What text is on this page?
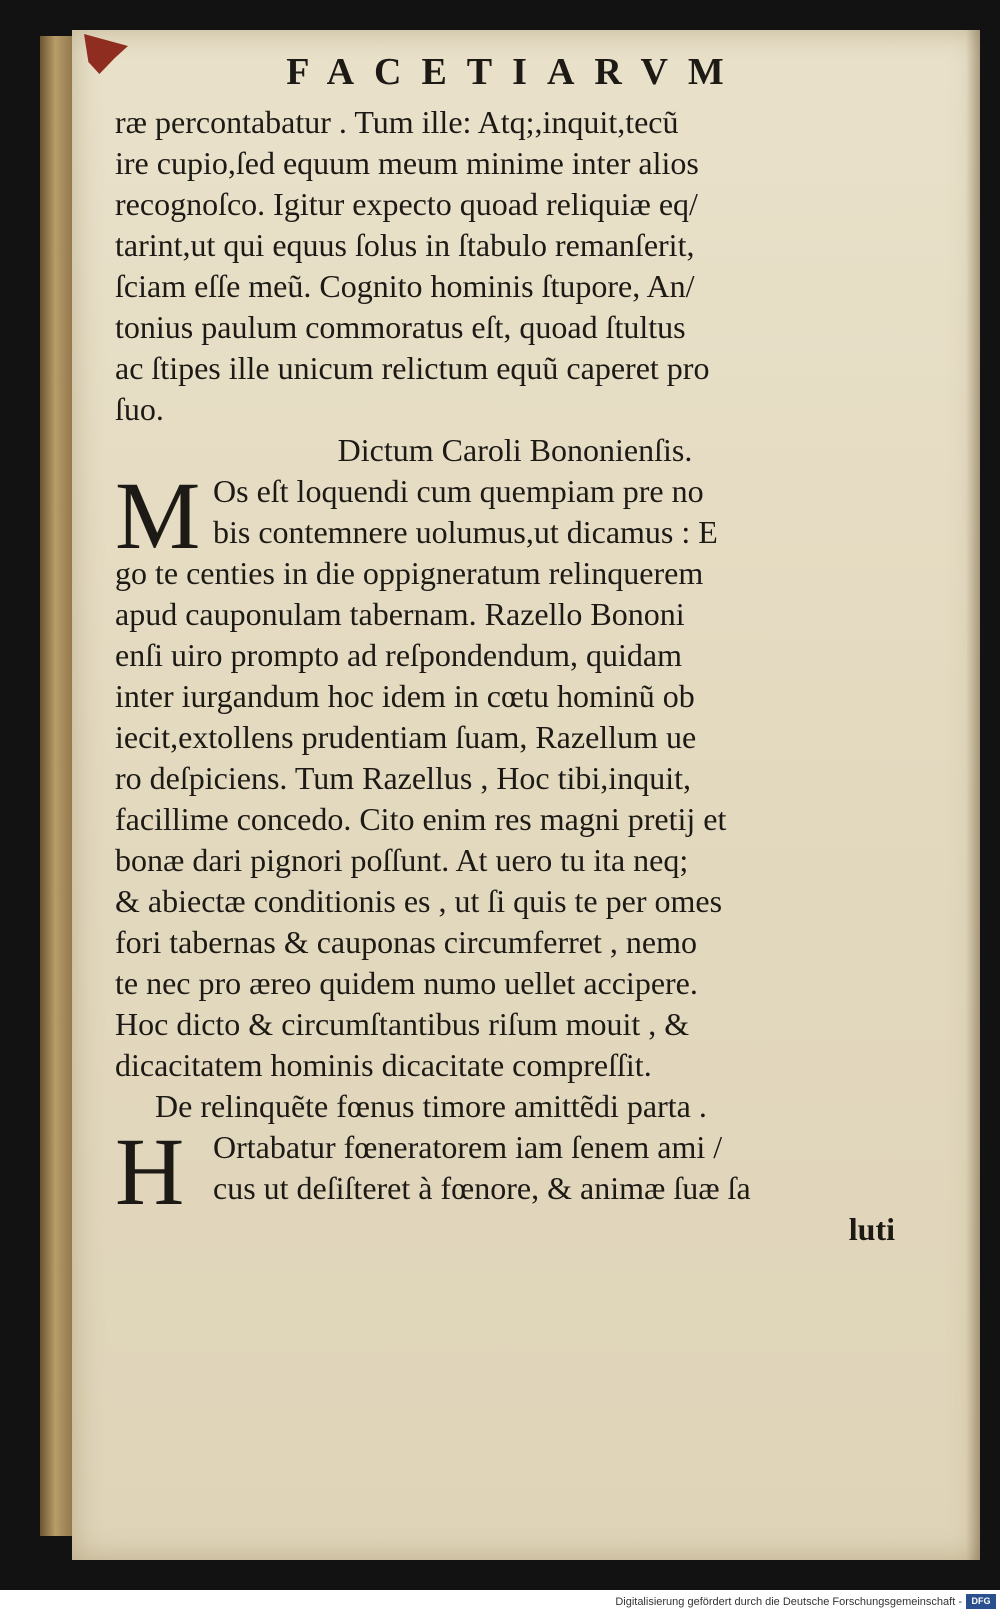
FACETIARVM
ræ percontabatur . Tum ille: Atq;,inquit,tecũ
ire cupio,ſed equum meum minime inter alios
recognoſco. Igitur expecto quoad reliquiæ eq/
tarint,ut qui equus ſolus in ſtabulo remanſerit,
ſciam eſſe meũ. Cognito hominis ſtupore, An/
tonius paulum commoratus eſt, quoad ſtultus
ac ſtipes ille unicum relictum equũ caperet pro
ſuo.
Dictum Caroli Bononienſis.
M Os eſt loquendi cum quempiam pre no
bis contemnere uolumus,ut dicamus : E
go te centies in die oppigneratum relinquerem
apud cauponulam tabernam. Razello Bononi
enſi uiro prompto ad reſpondendum, quidam
inter iurgandum hoc idem in cœtu hominũ ob
iecit,extollens prudentiam ſuam, Razellum ue
ro deſpiciens. Tum Razellus , Hoc tibi,inquit,
facillime concedo. Cito enim res magni pretij et
bonæ dari pignori poſſunt. At uero tu ita neq;
& abiectæ conditionis es , ut ſi quis te per omes
fori tabernas & cauponas circumferret , nemo
te nec pro æreo quidem numo uellet accipere.
Hoc dicto & circumſtantibus riſum mouit , &
dicacitatem hominis dicacitate compreſſit.
De relinquẽte fœnus timore amittẽdi parta .
H Ortabatur fœneratorem iam ſenem ami /
cus ut deſiſteret à fœnore, & animæ ſuæ ſa
luti
Digitalisierung gefördert durch die Deutsche Forschungsgemeinschaft -	DFG
